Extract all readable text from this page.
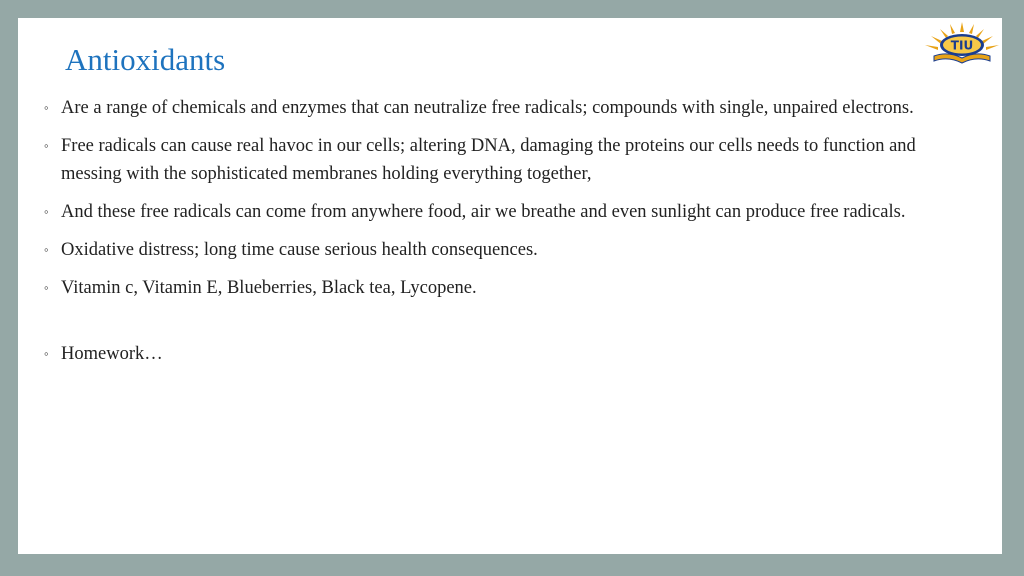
Antioxidants	TIU
◦ Are a range of chemicals and enzymes that can neutralize free radicals; compounds with single, unpaired electrons.
◦ Free radicals can cause real havoc in our cells; altering DNA, damaging the proteins our cells needs to function and messing with the sophisticated membranes holding everything together,
◦ And these free radicals can come from anywhere food, air we breathe and even sunlight can produce free radicals.
◦ Oxidative distress; long time cause serious health consequences.
◦ Vitamin c, Vitamin E, Blueberries, Black tea, Lycopene.
◦ Homework…
